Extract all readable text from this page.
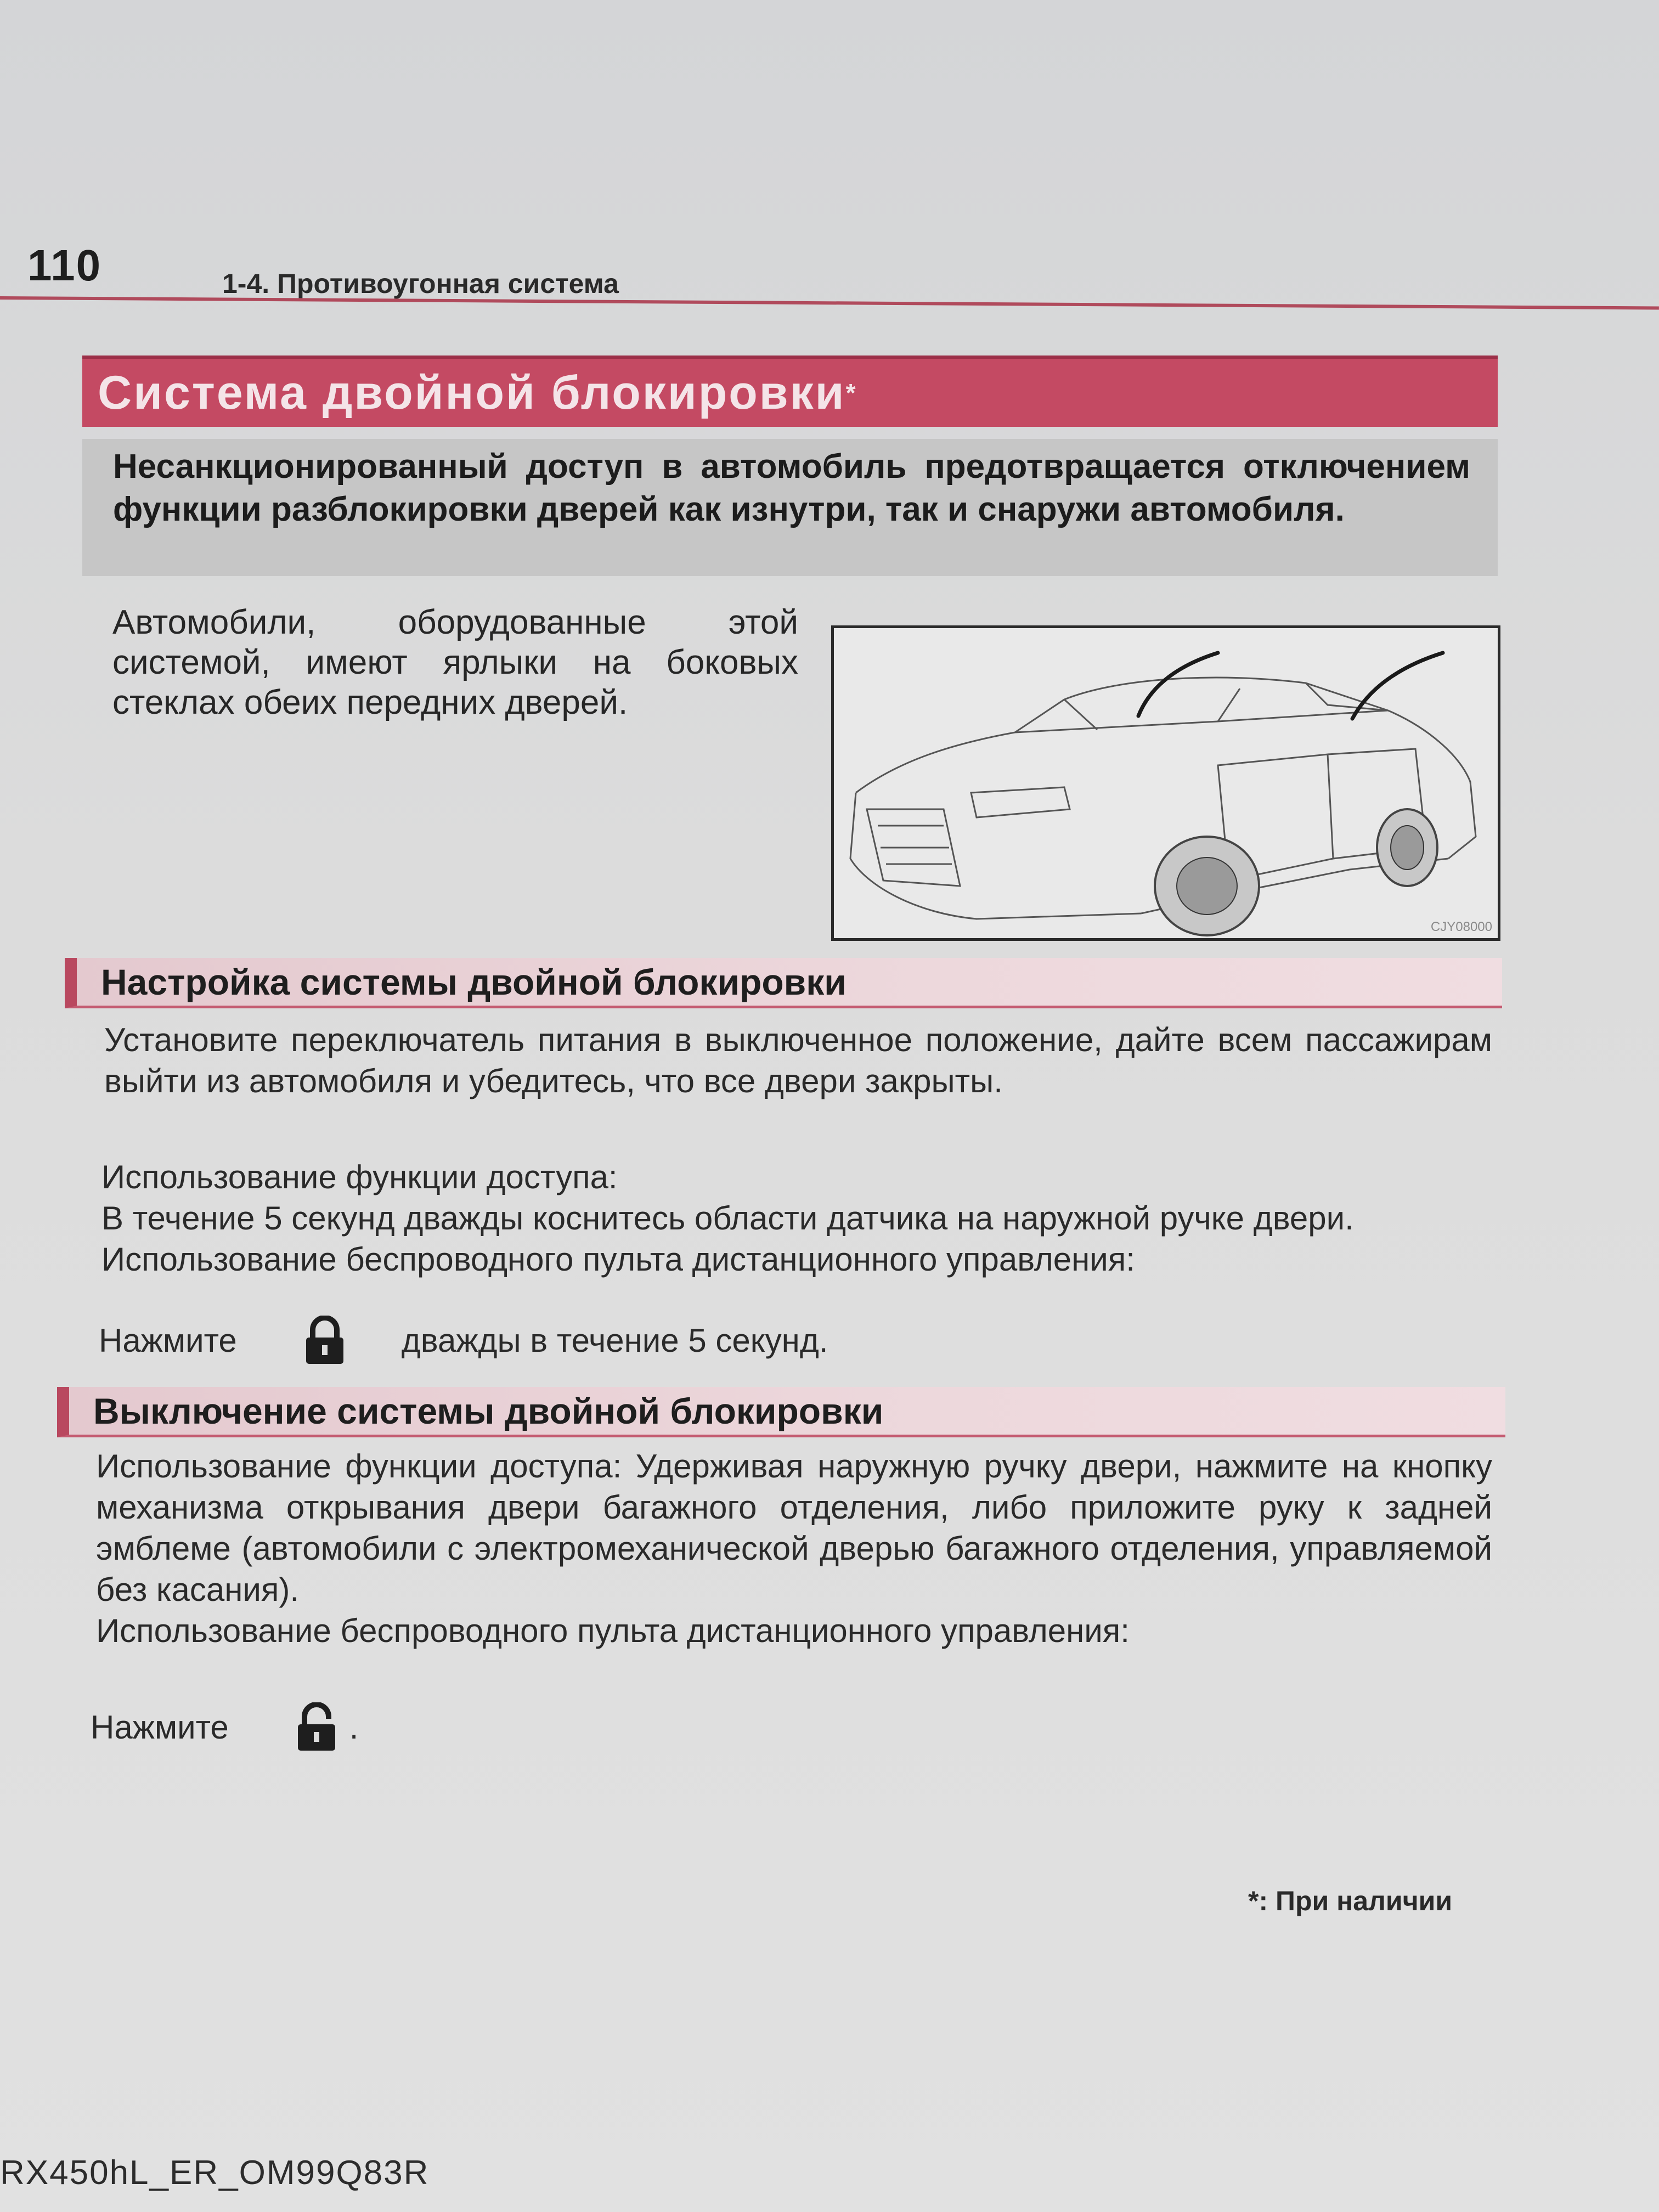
110	1-4. Противоугонная система
Система двойной блокировки *
Несанкционированный доступ в автомобиль предотвращается отключением функции разблокировки дверей как изнутри, так и снаружи автомобиля.
Автомобили, оборудованные этой системой, имеют ярлыки на боковых стеклах обеих передних дверей.
CJY08000
Настройка системы двойной блокировки
Установите переключатель питания в выключенное положение, дайте всем пассажирам выйти из автомобиля и убедитесь, что все двери закрыты.
Использование функции доступа:
В течение 5 секунд дважды коснитесь области датчика на наружной ручке двери.
Использование беспроводного пульта дистанционного управления:
Нажмите	дважды в течение 5 секунд.
Выключение системы двойной блокировки
Использование функции доступа: Удерживая наружную ручку двери, нажмите на кнопку механизма открывания двери багажного отделения, либо приложите руку к задней эмблеме (автомобили с электромеханической дверью багажного отделения, управляемой без касания).
Использование беспроводного пульта дистанционного управления:
Нажмите	.
*: При наличии
RX450hL_ER_OM99Q83R
